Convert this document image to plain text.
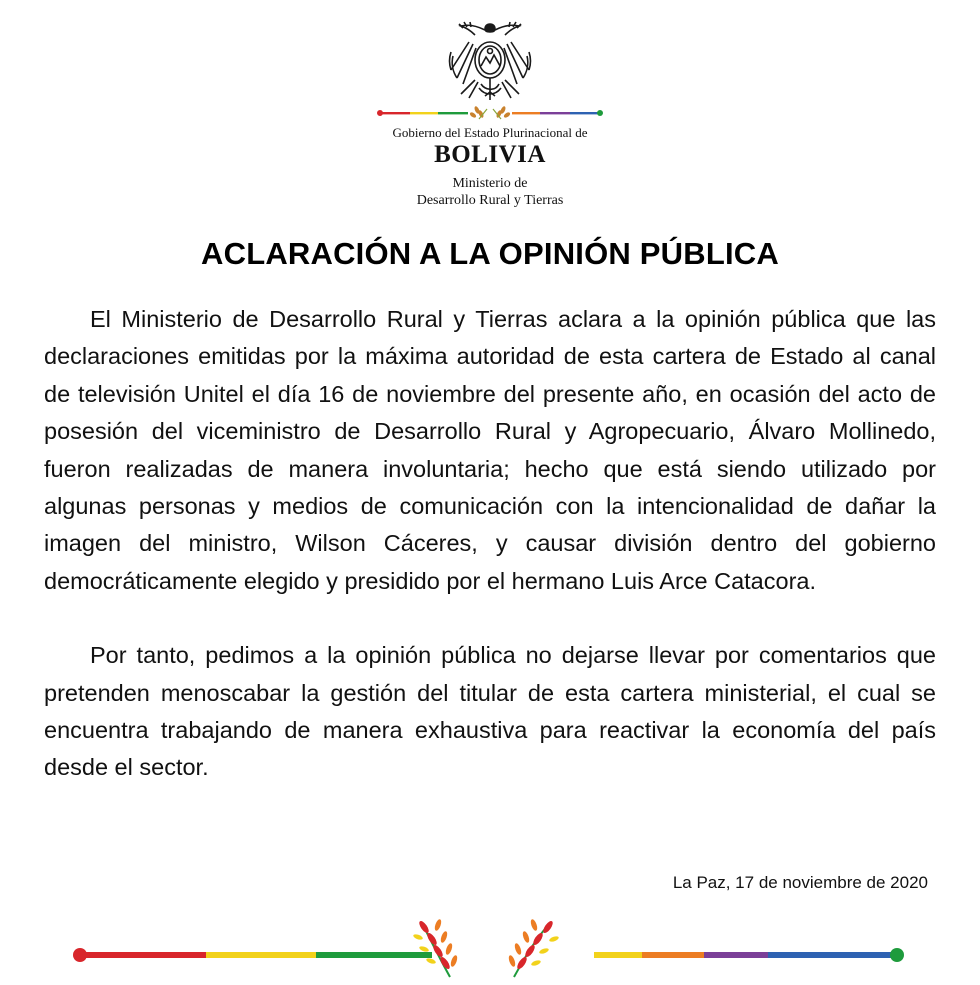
Gobierno del Estado Plurinacional de
BOLIVIA
Ministerio de
Desarrollo Rural y Tierras
ACLARACIÓN A LA OPINIÓN PÚBLICA

El Ministerio de Desarrollo Rural y Tierras aclara a la opinión pública que las declaraciones emitidas por la máxima autoridad de esta cartera de Estado al canal de televisión Unitel el día 16 de noviembre del presente año, en ocasión del acto de posesión del viceministro de Desarrollo Rural y Agropecuario, Álvaro Mollinedo, fueron realizadas de manera involuntaria; hecho que está siendo utilizado por algunas personas y medios de comunicación con la intencionalidad de dañar la imagen del ministro, Wilson Cáceres, y causar división dentro del gobierno democráticamente elegido y presidido por el hermano Luis Arce Catacora.

Por tanto, pedimos a la opinión pública no dejarse llevar por comentarios que pretenden menoscabar la gestión del titular de esta cartera ministerial, el cual se encuentra trabajando de manera exhaustiva para reactivar la economía del país desde el sector.

La Paz, 17 de noviembre de 2020
